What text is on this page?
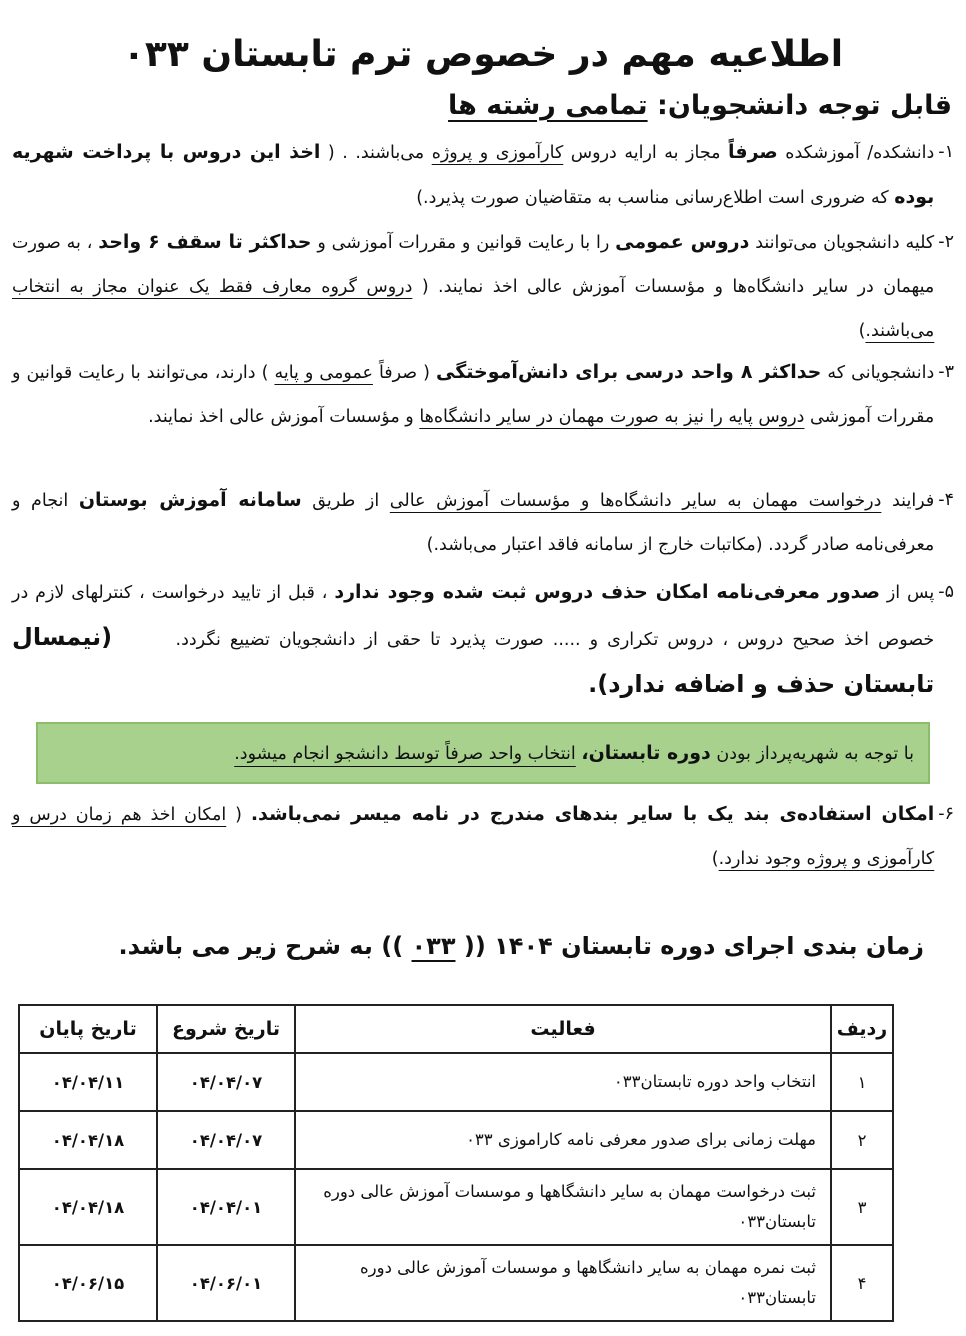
اطلاعیه مهم در خصوص ترم تابستان ۰۳۳
قابل توجه دانشجویان: تمامی رشته ها
۱-
دانشکده/ آموزشکده صرفاً مجاز به ارایه دروس کارآموزی و پروژه می‌باشند. . ( اخذ این دروس با پرداخت شهریه بوده که ضروری است اطلاع‌رسانی مناسب به متقاضیان صورت پذیرد.)
۲-
کلیه دانشجویان می‌توانند دروس عمومی را با رعایت قوانین و مقررات آموزشی و حداکثر تا سقف ۶ واحد ، به صورت میهمان در سایر دانشگاه‌ها و مؤسسات آموزش عالی اخذ نمایند. ( دروس گروه معارف فقط یک عنوان مجاز به انتخاب می‌باشند.)
۳-
دانشجویانی که حداکثر ۸ واحد درسی برای دانش‌آموختگی ( صرفاً عمومی و پایه ) دارند، می‌توانند با رعایت قوانین و مقررات آموزشی دروس پایه را نیز به صورت مهمان در سایر دانشگاه‌ها و مؤسسات آموزش عالی اخذ نمایند.
۴-
فرایند درخواست مهمان به سایر دانشگاه‌ها و مؤسسات آموزش عالی از طریق سامانه آموزش بوستان انجام و معرفی‌نامه صادر گردد. (مکاتبات خارج از سامانه فاقد اعتبار می‌باشد.)
۵-
پس از صدور معرفی‌نامه امکان حذف دروس ثبت شده وجود ندارد ، قبل از تایید درخواست ، کنترلهای لازم در خصوص اخذ صحیح دروس ، دروس تکراری و ..... صورت پذیرد تا حقی از دانشجویان تضییع نگردد.       (نیمسال تابستان حذف و اضافه ندارد).
با توجه به شهریه‌پرداز بودن دوره تابستان، انتخاب واحد صرفاً توسط دانشجو انجام میشود.
۶-
امکان استفاده‌ی بند یک با سایر بندهای مندرج در نامه میسر نمی‌باشد. ( امکان اخذ هم زمان درس و کارآموزی و پروژه وجود ندارد.)
زمان بندی اجرای دوره تابستان ۱۴۰۴ (( ۰۳۳ )) به شرح زیر می باشد.
ردیف	فعالیت	تاریخ شروع	تاریخ پایان
۱	انتخاب واحد دوره تابستان۰۳۳	۰۴/۰۴/۰۷	۰۴/۰۴/۱۱
۲	مهلت زمانی برای صدور معرفی نامه کاراموزی ۰۳۳	۰۴/۰۴/۰۷	۰۴/۰۴/۱۸
۳	ثبت درخواست مهمان به سایر دانشگاهها و موسسات آموزش عالی دوره تابستان۰۳۳	۰۴/۰۴/۰۱	۰۴/۰۴/۱۸
۴	ثبت نمره مهمان به سایر دانشگاهها و موسسات آموزش عالی دوره تابستان۰۳۳	۰۴/۰۶/۰۱	۰۴/۰۶/۱۵
